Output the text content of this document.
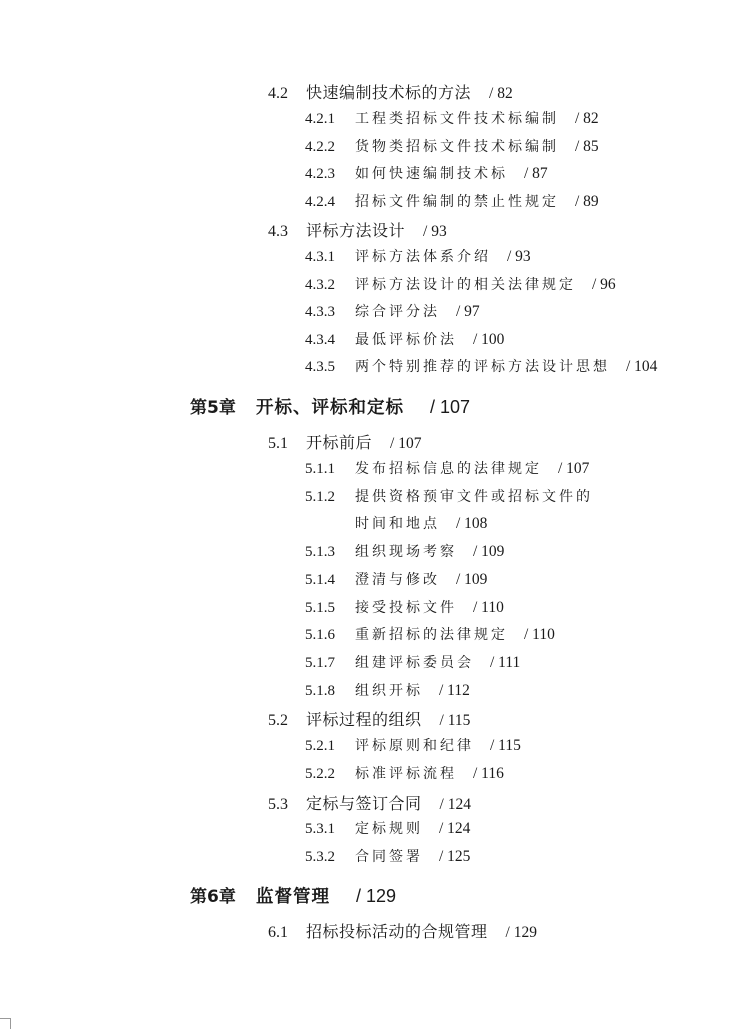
4.2	快速编制技术标的方法 / 82
4.2.1	工程类招标文件技术标编制 / 82
4.2.2	货物类招标文件技术标编制 / 85
4.2.3	如何快速编制技术标 / 87
4.2.4	招标文件编制的禁止性规定 / 89
4.3	评标方法设计 / 93
4.3.1	评标方法体系介绍 / 93
4.3.2	评标方法设计的相关法律规定 / 96
4.3.3	综合评分法 / 97
4.3.4	最低评标价法 / 100
4.3.5	两个特别推荐的评标方法设计思想 / 104
第5章	开标、评标和定标 / 107
5.1	开标前后 / 107
5.1.1	发布招标信息的法律规定 / 107
5.1.2	提供资格预审文件或招标文件的
时间和地点 / 108
5.1.3	组织现场考察 / 109
5.1.4	澄清与修改 / 109
5.1.5	接受投标文件 / 110
5.1.6	重新招标的法律规定 / 110
5.1.7	组建评标委员会 / 111
5.1.8	组织开标 / 112
5.2	评标过程的组织 / 115
5.2.1	评标原则和纪律 / 115
5.2.2	标准评标流程 / 116
5.3	定标与签订合同 / 124
5.3.1	定标规则 / 124
5.3.2	合同签署 / 125
第6章	监督管理 / 129
6.1	招标投标活动的合规管理 / 129
